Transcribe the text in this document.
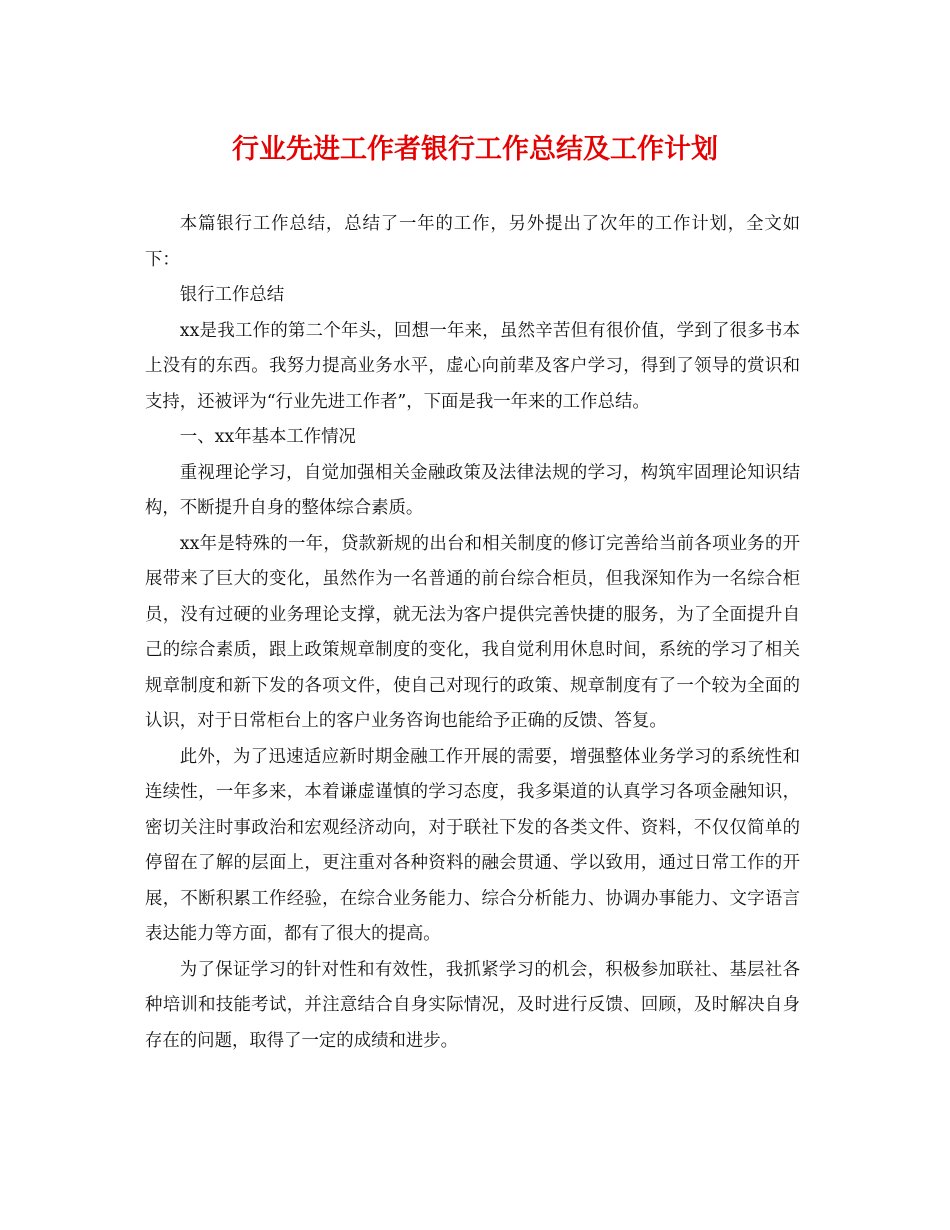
行业先进工作者银行工作总结及工作计划

本篇银行工作总结，总结了一年的工作，另外提出了次年的工作计划，全文如下：

银行工作总结

xx是我工作的第二个年头，回想一年来，虽然辛苦但有很价值，学到了很多书本上没有的东西。我努力提高业务水平，虚心向前辈及客户学习，得到了领导的赏识和支持，还被评为“行业先进工作者”，下面是我一年来的工作总结。

一、xx年基本工作情况

重视理论学习，自觉加强相关金融政策及法律法规的学习，构筑牢固理论知识结构，不断提升自身的整体综合素质。

xx年是特殊的一年，贷款新规的出台和相关制度的修订完善给当前各项业务的开展带来了巨大的变化，虽然作为一名普通的前台综合柜员，但我深知作为一名综合柜员，没有过硬的业务理论支撑，就无法为客户提供完善快捷的服务，为了全面提升自己的综合素质，跟上政策规章制度的变化，我自觉利用休息时间，系统的学习了相关规章制度和新下发的各项文件，使自己对现行的政策、规章制度有了一个较为全面的认识，对于日常柜台上的客户业务咨询也能给予正确的反馈、答复。

此外，为了迅速适应新时期金融工作开展的需要，增强整体业务学习的系统性和连续性，一年多来，本着谦虚谨慎的学习态度，我多渠道的认真学习各项金融知识，密切关注时事政治和宏观经济动向，对于联社下发的各类文件、资料，不仅仅简单的停留在了解的层面上，更注重对各种资料的融会贯通、学以致用，通过日常工作的开展，不断积累工作经验，在综合业务能力、综合分析能力、协调办事能力、文字语言表达能力等方面，都有了很大的提高。

为了保证学习的针对性和有效性，我抓紧学习的机会，积极参加联社、基层社各种培训和技能考试，并注意结合自身实际情况，及时进行反馈、回顾，及时解决自身存在的问题，取得了一定的成绩和进步。
